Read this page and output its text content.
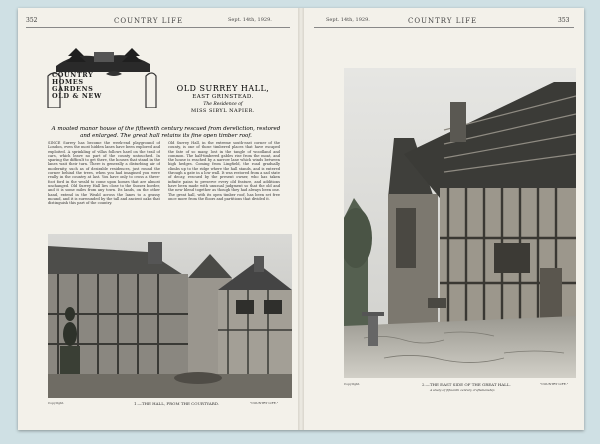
352	COUNTRY LIFE	Sept. 14th, 1929.
COUNTRY
HOMES
GARDENS
OLD & NEW
OLD SURREY HALL,
EAST GRINSTEAD.
The Residence of
MISS SIBYL NAPIER.
A moated manor house of the fifteenth century rescued from dereliction, restored and enlarged. The great hall retains its fine open timber roof.
SINCE Surrey has become the week-end playground of London, even the most hidden lanes have been explored and exploited. A sprinkling of villas follows hard on the trail of cars, which leave no part of the county untouched. In sparing the difficult to get there, the houses that stand in the lanes wait their turn. There is generally a disturbing air of modernity, such as of desirable residences, just round the corner behind the trees, when you had imagined you were really in the country at last. You have only to cross a three-foot ford in the weald to come upon homes that are almost unchanged. Old Surrey Hall lies close to the Sussex border, and it is some miles from any town. Its lands, on the other hand, extend in the Weald across the lanes to a grassy mound, and it is surrounded by the tall and ancient oaks that distinguish this part of the country.
Old Surrey Hall, in the extreme south-east corner of the county, is one of those timbered places that have escaped the fate of so many, lost in the tangle of woodland and common. The half-timbered gables rise from the moat, and the house is reached by a narrow lane which winds between high hedges. Coming from Lingfield, the road gradually climbs up to the ridge where the hall stands, and is entered through a gate in a low wall. It was restored from a sad state of decay, rescued by the present owner, who has taken infinite pains to preserve every old feature, and additions have been made with unusual judgment so that the old and the new blend together as though they had always been one. The great hall, with its open timber roof, has been set free once more from the floors and partitions that divided it.
Copyright.	1.—THE HALL, FROM THE COURTYARD.	"COUNTRY LIFE."
Sept. 14th, 1929.	COUNTRY LIFE	353
Copyright.	2.—THE EAST SIDE OF THE GREAT HALL.	"COUNTRY LIFE."
A study of fifteenth century craftsmanship
